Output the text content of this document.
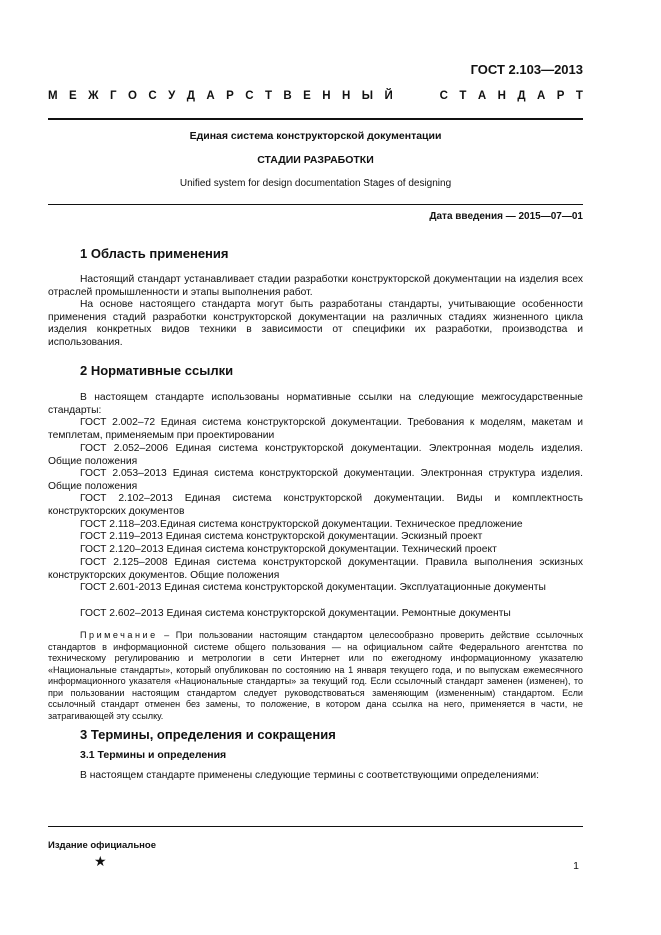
ГОСТ 2.103—2013
М Е Ж Г О С У Д А Р С Т В Е Н Н Ы Й	С Т А Н Д А Р Т
Единая система конструкторской документации
СТАДИИ РАЗРАБОТКИ
Unified system for design documentation Stages of designing
Дата введения — 2015—07—01
1 Область применения

Настоящий стандарт устанавливает стадии разработки конструкторской документации на изделия всех отраслей промышленности и этапы выполнения работ.

На основе настоящего стандарта могут быть разработаны стандарты, учитывающие особенности применения стадий разработки конструкторской документации на различных стадиях жизненного цикла изделия конкретных видов техники в зависимости от специфики их разработки, производства и использования.

2 Нормативные ссылки

В настоящем стандарте использованы нормативные ссылки на следующие межгосударственные стандарты:

ГОСТ 2.002–72 Единая система конструкторской документации. Требования к моделям, макетам и темплетам, применяемым при проектировании

ГОСТ 2.052–2006 Единая система конструкторской документации. Электронная модель изделия. Общие положения

ГОСТ 2.053–2013 Единая система конструкторской документации. Электронная структура изделия. Общие положения

ГОСТ 2.102–2013 Единая система конструкторской документации. Виды и комплектность конструкторских документов

ГОСТ 2.118–203.Единая система конструкторской документации. Техническое предложение

ГОСТ 2.119–2013 Единая система конструкторской документации. Эскизный проект

ГОСТ 2.120–2013 Единая система конструкторской документации. Технический проект

ГОСТ 2.125–2008 Единая система конструкторской документации. Правила выполнения эскизных конструкторских документов. Общие положения

ГОСТ 2.601-2013 Единая система конструкторской документации. Эксплуатационные документы

ГОСТ 2.602–2013 Единая система конструкторской документации. Ремонтные документы

Примечание – При пользовании настоящим стандартом целесообразно проверить действие ссылочных стандартов в информационной системе общего пользования — на официальном сайте Федерального агентства по техническому регулированию и метрологии в сети Интернет или по ежегодному информационному указателю «Национальные стандарты», который опубликован по состоянию на 1 января текущего года, и по выпускам ежемесячного информационного указателя «Национальные стандарты» за текущий год. Если ссылочный стандарт заменен (изменен), то при пользовании настоящим стандартом следует руководствоваться заменяющим (измененным) стандартом. Если ссылочный стандарт отменен без замены, то положение, в котором дана ссылка на него, применяется в части, не затрагивающей эту ссылку.

3 Термины, определения и сокращения
3.1 Термины и определения

В настоящем стандарте применены следующие термины с соответствующими определениями:

Издание официальное
★	1
